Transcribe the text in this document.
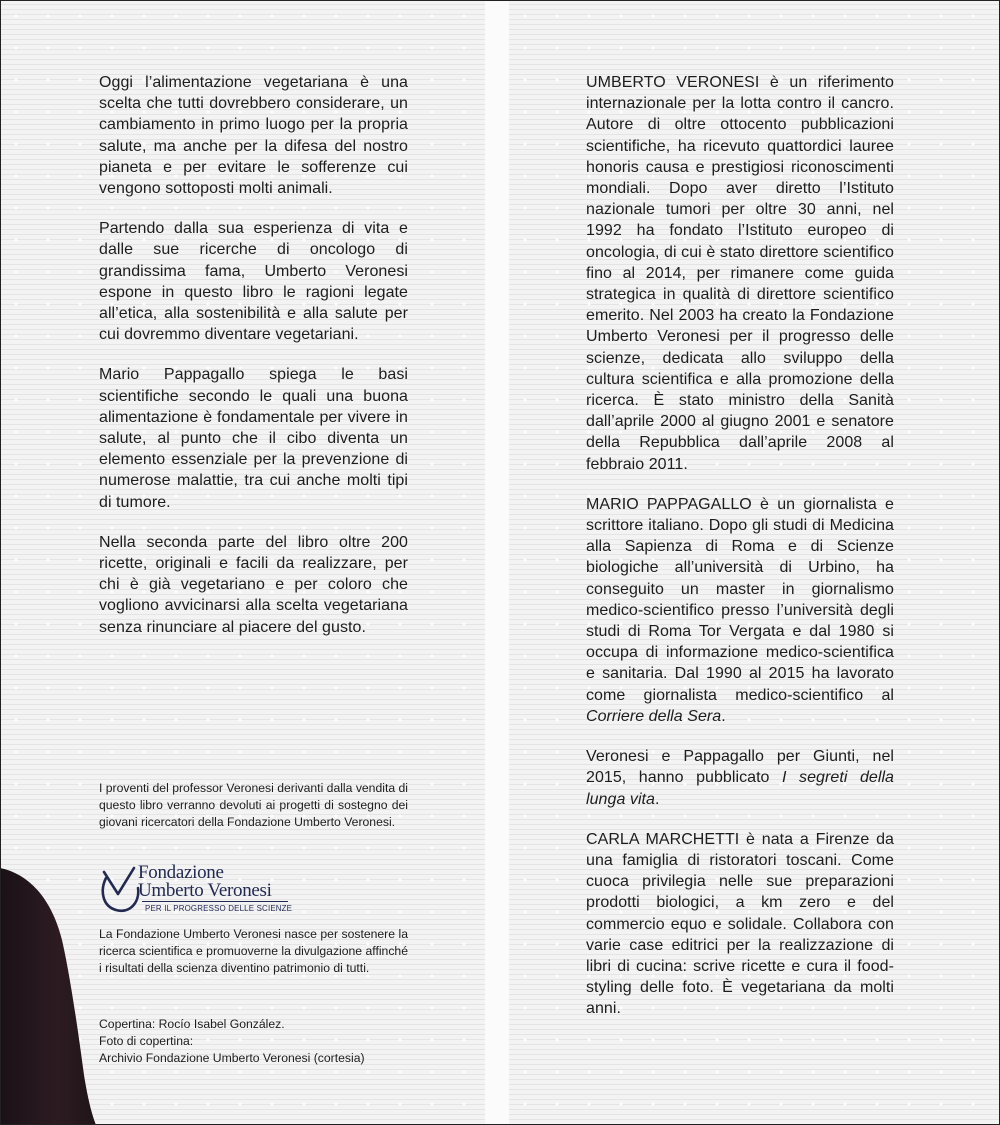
Oggi l’alimentazione vegetariana è una scelta che tutti dovrebbero considerare, un cambiamento in primo luogo per la propria salute, ma anche per la difesa del nostro pianeta e per evitare le sofferenze cui vengono sottoposti molti animali.

Partendo dalla sua esperienza di vita e dalle sue ricerche di oncologo di grandissima fama, Umberto Veronesi espone in questo libro le ragioni legate all’etica, alla sostenibilità e alla salute per cui dovremmo diventare vegetariani.

Mario Pappagallo spiega le basi scientifiche secondo le quali una buona alimentazione è fondamentale per vivere in salute, al punto che il cibo diventa un elemento essenziale per la prevenzione di numerose malattie, tra cui anche molti tipi di tumore.

Nella seconda parte del libro oltre 200 ricette, originali e facili da realizzare, per chi è già vegetariano e per coloro che vogliono avvicinarsi alla scelta vegetariana senza rinunciare al piacere del gusto.

I proventi del professor Veronesi derivanti dalla vendita di questo libro verranno devoluti ai progetti di sostegno dei giovani ricercatori della Fondazione Umberto Veronesi.
Fondazione
Umberto Veronesi
PER IL PROGRESSO DELLE SCIENZE
La Fondazione Umberto Veronesi nasce per sostenere la ricerca scientifica e promuoverne la divulgazione affinché i risultati della scienza diventino patrimonio di tutti.
Copertina: Rocío Isabel González.
Foto di copertina:
Archivio Fondazione Umberto Veronesi (cortesia)

UMBERTO VERONESI è un riferimento internazionale per la lotta contro il cancro. Autore di oltre ottocento pubblicazioni scientifiche, ha ricevuto quattordici lauree honoris causa e prestigiosi riconoscimenti mondiali. Dopo aver diretto l’Istituto nazionale tumori per oltre 30 anni, nel 1992 ha fondato l’Istituto europeo di oncologia, di cui è stato direttore scientifico fino al 2014, per rimanere come guida strategica in qualità di direttore scientifico emerito. Nel 2003 ha creato la Fondazione Umberto Veronesi per il progresso delle scienze, dedicata allo sviluppo della cultura scientifica e alla promozione della ricerca. È stato ministro della Sanità dall’aprile 2000 al giugno 2001 e senatore della Repubblica dall’aprile 2008 al febbraio 2011.

MARIO PAPPAGALLO è un giornalista e scrittore italiano. Dopo gli studi di Medicina alla Sapienza di Roma e di Scienze biologiche all’università di Urbino, ha conseguito un master in giornalismo medico-scientifico presso l’università degli studi di Roma Tor Vergata e dal 1980 si occupa di informazione medico-scientifica e sanitaria. Dal 1990 al 2015 ha lavorato come giornalista medico-scientifico al Corriere della Sera.

Veronesi e Pappagallo per Giunti, nel 2015, hanno pubblicato I segreti della lunga vita.

CARLA MARCHETTI è nata a Firenze da una famiglia di ristoratori toscani. Come cuoca privilegia nelle sue preparazioni prodotti biologici, a km zero e del commercio equo e solidale. Collabora con varie case editrici per la realizzazione di libri di cucina: scrive ricette e cura il food-styling delle foto. È vegetariana da molti anni.
